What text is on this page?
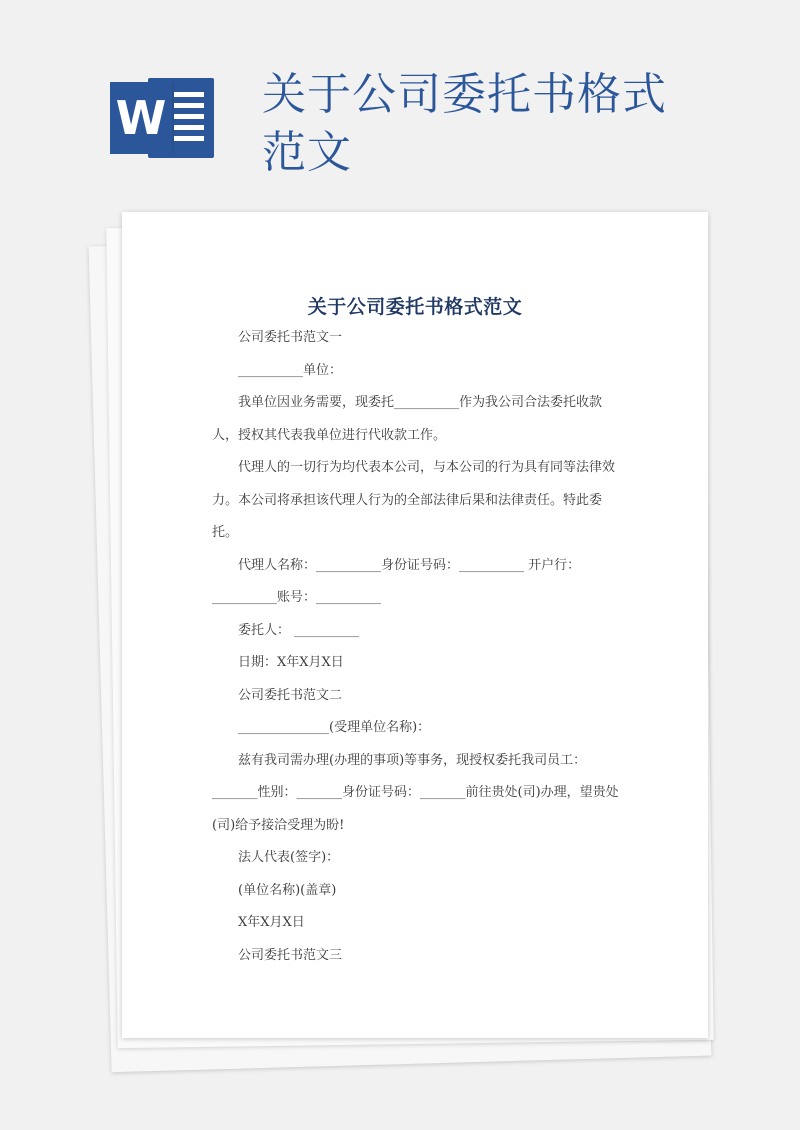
W 关于公司委托书格式范文
关于公司委托书格式范文

公司委托书范文一

__________单位：

我单位因业务需要，现委托__________作为我公司合法委托收款人，授权其代表我单位进行代收款工作。

代理人的一切行为均代表本公司，与本公司的行为具有同等法律效力。本公司将承担该代理人行为的全部法律后果和法律责任。特此委托。

代理人名称：__________身份证号码：__________ 开户行：__________账号：__________

委托人： __________

日期：X年X月X日

公司委托书范文二

______________(受理单位名称)：

兹有我司需办理(办理的事项)等事务，现授权委托我司员工：_______性别：_______身份证号码：_______前往贵处(司)办理，望贵处(司)给予接洽受理为盼!

法人代表(签字)：

(单位名称)(盖章)

X年X月X日

公司委托书范文三
